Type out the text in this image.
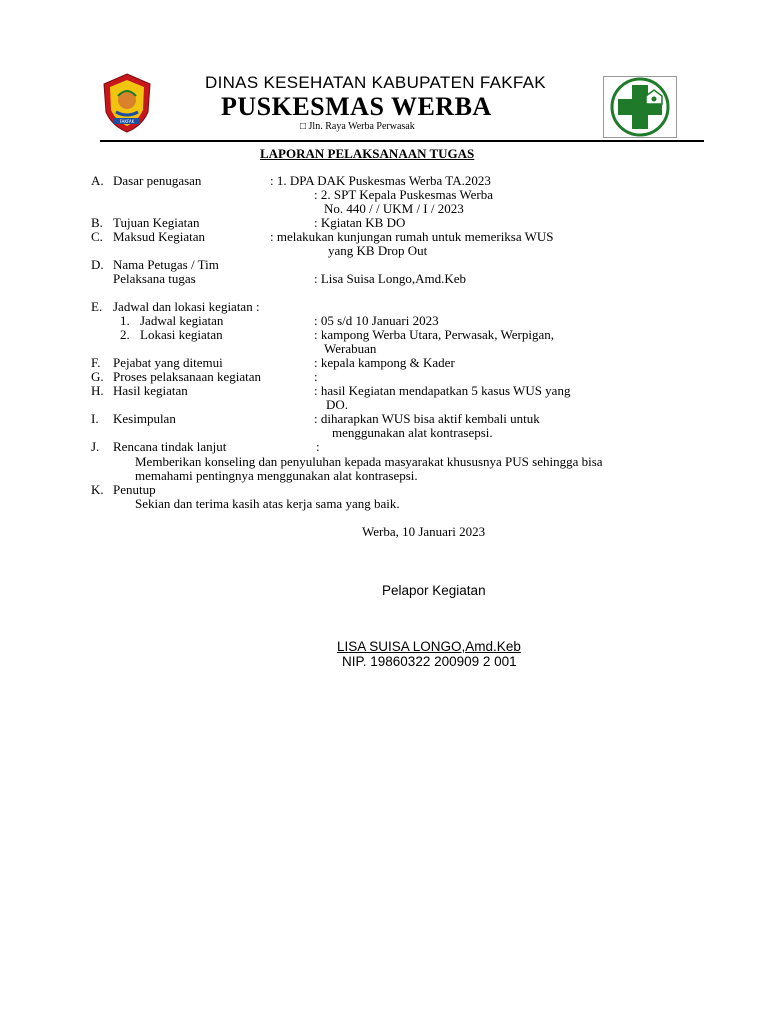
FAKFAK
DINAS KESEHATAN KABUPATEN FAKFAK
PUSKESMAS WERBA
□ Jln. Raya Werba Perwasak
LAPORAN PELAKSANAAN TUGAS
A. Dasar penugasan	: 1. DPA DAK Puskesmas Werba TA.2023
: 2. SPT Kepala Puskesmas Werba
No. 440 / / UKM / I / 2023
B. Tujuan Kegiatan	: Kgiatan KB DO
C. Maksud Kegiatan	: melakukan kunjungan rumah untuk memeriksa WUS
yang KB Drop Out
D. Nama Petugas / Tim
Pelaksana tugas	: Lisa Suisa Longo,Amd.Keb
E. Jadwal dan lokasi kegiatan :
1. Jadwal kegiatan	: 05 s/d 10 Januari 2023
2. Lokasi kegiatan	: kampong Werba Utara, Perwasak, Werpigan,
Werabuan
F. Pejabat yang ditemui	: kepala kampong & Kader
G. Proses pelaksanaan kegiatan	:
H. Hasil kegiatan	: hasil Kegiatan mendapatkan 5 kasus WUS yang
DO.
I. Kesimpulan	: diharapkan WUS bisa aktif kembali untuk
menggunakan alat kontrasepsi.
J. Rencana tindak lanjut	:
Memberikan konseling dan penyuluhan kepada masyarakat khususnya PUS sehingga bisa
memahami pentingnya menggunakan alat kontrasepsi.
K. Penutup
Sekian dan terima kasih atas kerja sama yang baik.
Werba, 10 Januari 2023
Pelapor Kegiatan
LISA SUISA LONGO,Amd.Keb
NIP. 19860322 200909 2 001
